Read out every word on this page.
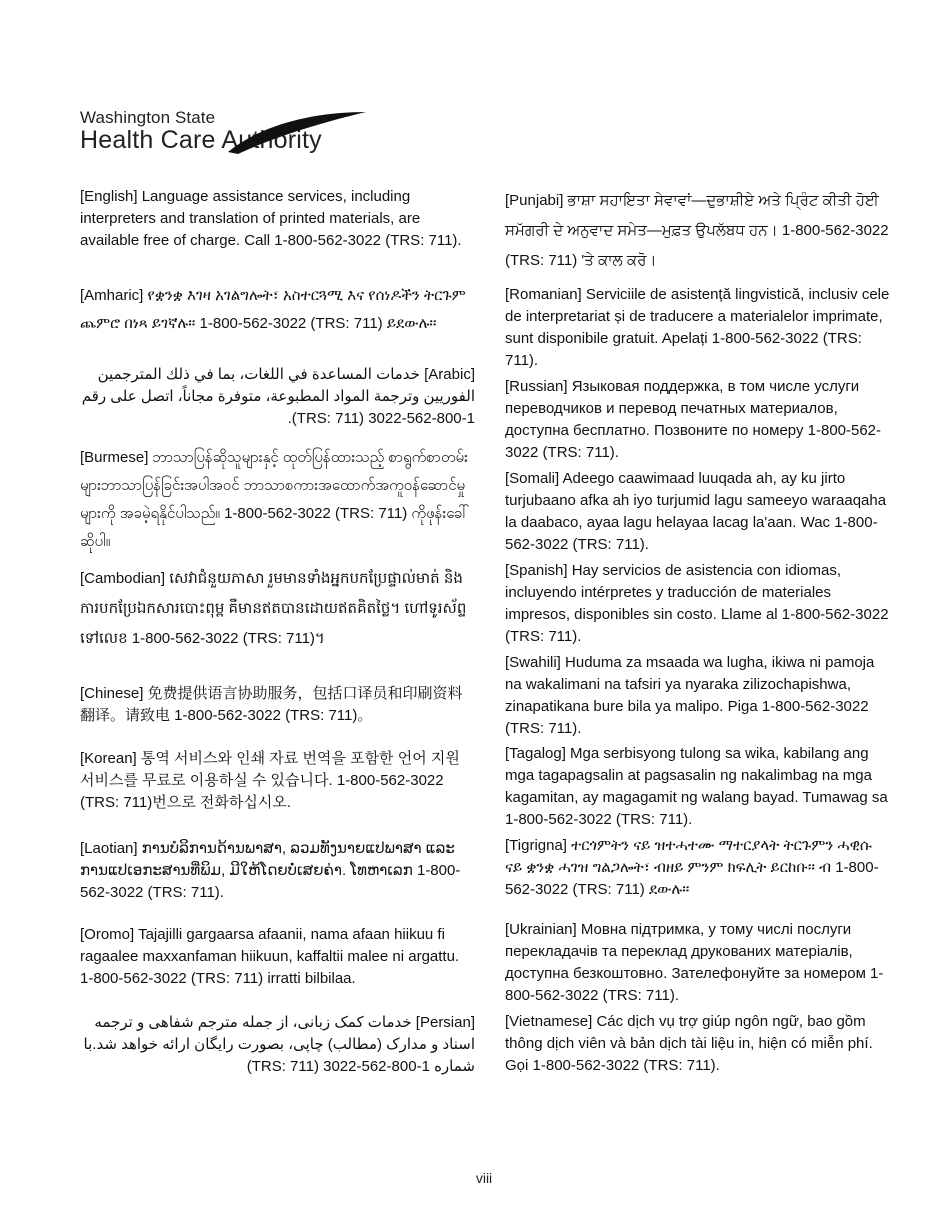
Washington State
Health Care Authority
[English] Language assistance services, including interpreters and translation of printed materials, are available free of charge. Call 1-800-562-3022 (TRS: 711).
[Amharic] የቋንቋ እገዛ አገልግሎት፣ አስተርጓሚ እና የሰነዶችን ትርጉም ጨምሮ በነጻ ይገኛሉ፡፡ 1-800-562-3022 (TRS: 711) ይደውሉ፡፡
[Arabic] خدمات المساعدة في اللغات، بما في ذلك المترجمين الفوريين وترجمة المواد المطبوعة، متوفرة مجاناً، اتصل على رقم 1-800-562-3022 (TRS: 711).
[Burmese] ဘာသာပြန်ဆိုသူများနှင့် ထုတ်ပြန်ထားသည့် စာရွက်စာတမ်းများဘာသာပြန်ခြင်းအပါအဝင် ဘာသာစကားအထောက်အကူဝန်ဆောင်မှုများကို အခမဲ့ရနိုင်ပါသည်။ 1-800-562-3022 (TRS: 711) ကိုဖုန်းခေါ်ဆိုပါ။
[Cambodian] សេវាជំនួយភាសា រួមមានទាំងអ្នកបកប្រែផ្ទាល់មាត់ និង ការបកប្រែឯកសារបោះពុម្ព គឺមានឥតបានដោយឥតគិតថ្លៃ។ ហៅទូរស័ព្ទទៅលេខ 1-800-562-3022 (TRS: 711)។
[Chinese] 免费提供语言协助服务，包括口译员和印刷资料翻译。请致电 1-800-562-3022 (TRS: 711)。
[Korean] 통역 서비스와 인쇄 자료 번역을 포함한 언어 지원 서비스를 무료로 이용하실 수 있습니다. 1-800-562-3022 (TRS: 711)번으로 전화하십시오.
[Laotian] ການບໍລິການດ້ານພາສາ, ລວມທັງນາຍແປພາສາ ແລະ ການແປເອກະສານທີ່ພິມ, ມີໃຫ້ໂດຍບໍ່ເສຍຄ່າ. ໂທຫາເລກ 1-800-562-3022 (TRS: 711).
[Oromo] Tajajilli gargaarsa afaanii, nama afaan hiikuu fi ragaalee maxxanfaman hiikuun, kaffaltii malee ni argattu. 1-800-562-3022 (TRS: 711) irratti bilbilaa.
[Persian] خدمات کمک زبانی، از جمله مترجم شفاهی و ترجمه اسناد و مدارک (مطالب) چاپی، بصورت رایگان ارائه خواهد شد.با شماره 1-800-562-3022 (TRS: 711)
[Punjabi] ਭਾਸ਼ਾ ਸਹਾਇਤਾ ਸੇਵਾਵਾਂ—ਦੁਭਾਸ਼ੀਏ ਅਤੇ ਪ੍ਰਿੰਟ ਕੀਤੀ ਹੋਈ ਸਮੱਗਰੀ ਦੇ ਅਨੁਵਾਦ ਸਮੇਤ—ਮੁਫ਼ਤ ਉਪਲੱਬਧ ਹਨ। 1-800-562-3022 (TRS: 711) 'ਤੇ ਕਾਲ ਕਰੋ।
[Romanian] Serviciile de asistență lingvistică, inclusiv cele de interpretariat și de traducere a materialelor imprimate, sunt disponibile gratuit. Apelați 1-800-562-3022 (TRS: 711).
[Russian] Языковая поддержка, в том числе услуги переводчиков и перевод печатных материалов, доступна бесплатно. Позвоните по номеру 1-800-562-3022 (TRS: 711).
[Somali] Adeego caawimaad luuqada ah, ay ku jirto turjubaano afka ah iyo turjumid lagu sameeyo waraaqaha la daabaco, ayaa lagu helayaa lacag la'aan. Wac 1-800-562-3022 (TRS: 711).
[Spanish] Hay servicios de asistencia con idiomas, incluyendo intérpretes y traducción de materiales impresos, disponibles sin costo. Llame al 1-800-562-3022 (TRS: 711).
[Swahili] Huduma za msaada wa lugha, ikiwa ni pamoja na wakalimani na tafsiri ya nyaraka zilizochapishwa, zinapatikana bure bila ya malipo. Piga 1-800-562-3022 (TRS: 711).
[Tagalog] Mga serbisyong tulong sa wika, kabilang ang mga tagapagsalin at pagsasalin ng nakalimbag na mga kagamitan, ay magagamit ng walang bayad. Tumawag sa 1-800-562-3022 (TRS: 711).
[Tigrigna] ተርጎምትን ናይ ዝተሓተሙ ማተርያላት ትርጉምን ሓዊሱ ናይ ቋንቋ ሓገዝ ግልጋሎት፣ ብዘይ ምንም ክፍሊት ይርከቡ፡፡ ብ 1-800-562-3022 (TRS: 711) ደውሉ፡፡
[Ukrainian] Мовна підтримка, у тому числі послуги перекладачів та переклад друкованих матеріалів, доступна безкоштовно. Зателефонуйте за номером 1-800-562-3022 (TRS: 711).
[Vietnamese] Các dịch vụ trợ giúp ngôn ngữ, bao gồm thông dịch viên và bản dịch tài liệu in, hiện có miễn phí. Gọi 1-800-562-3022 (TRS: 711).
viii
